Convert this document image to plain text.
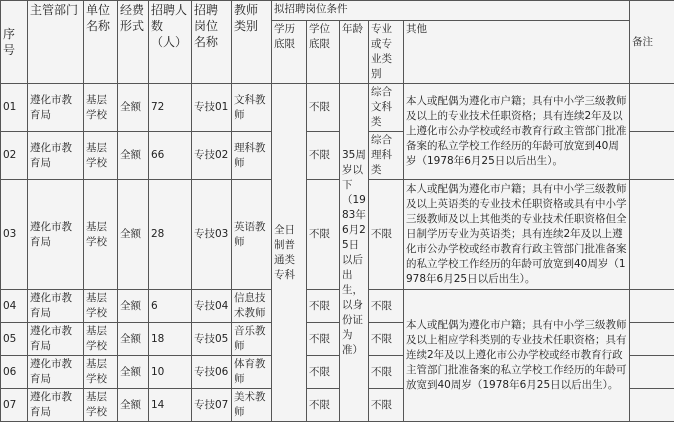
序号	主管部门	单位名称	经费形式	招聘人数（人）	招聘岗位名称	教师类别	拟招聘岗位条件					备注
							学历底限	学位底限	年龄	专业或专业类别	其他	
01	遵化市教育局	基层学校	全额	72	专技01	文科教师	全日制普通类专科	不限	35周岁以下（1983年6月25日以后出生，以身份证为准）	综合文科类	本人或配偶为遵化市户籍；具有中小学三级教师及以上的专业技术任职资格；具有连续2年及以上遵化市公办学校或经市教育行政主管部门批准备案的私立学校工作经历的年龄可放宽到40周岁（1978年6月25日以后出生）。	
02	遵化市教育局	基层学校	全额	66	专技02	理科教师		不限		综合理科类		
03	遵化市教育局	基层学校	全额	28	专技03	英语教师		不限		不限	本人或配偶为遵化市户籍；具有中小学三级教师及以上英语类的专业技术任职资格或具有中小学三级教师及以上其他类的专业技术任职资格但全日制学历专业为英语类；具有连续2年及以上遵化市公办学校或经市教育行政主管部门批准备案的私立学校工作经历的年龄可放宽到40周岁（1978年6月25日以后出生）。	
04	遵化市教育局	基层学校	全额	6	专技04	信息技术教师		不限		不限	本人或配偶为遵化市户籍；具有中小学三级教师及以上相应学科类别的专业技术任职资格；具有连续2年及以上遵化市公办学校或经市教育行政主管部门批准备案的私立学校工作经历的年龄可放宽到40周岁（1978年6月25日以后出生）。	
05	遵化市教育局	基层学校	全额	18	专技05	音乐教师		不限		不限		
06	遵化市教育局	基层学校	全额	10	专技06	体育教师		不限		不限		
07	遵化市教育局	基层学校	全额	14	专技07	美术教师		不限		不限		
